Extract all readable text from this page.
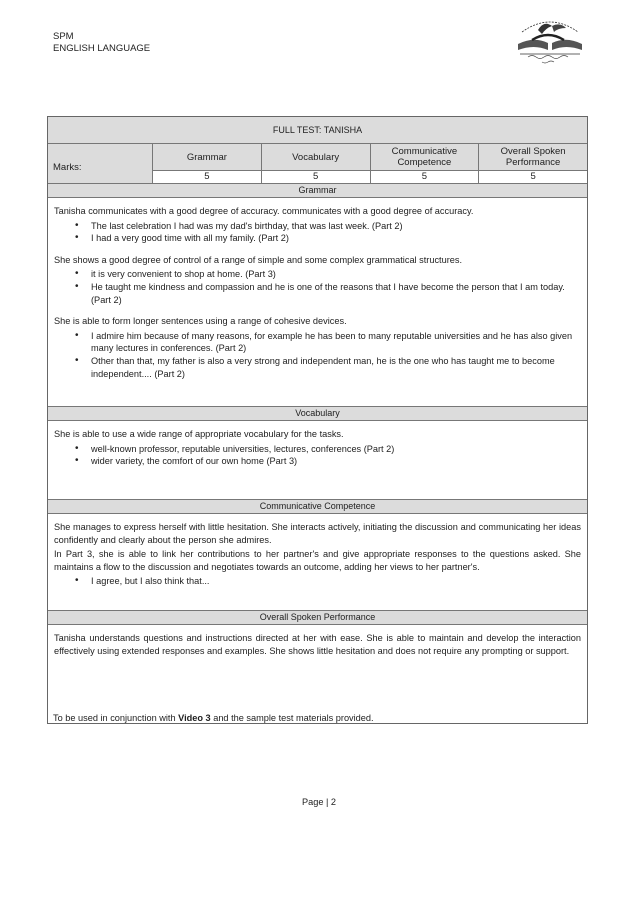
SPM
ENGLISH LANGUAGE
FULL TEST: TANISHA
Marks:
Grammar
5
Vocabulary
5
Communicative Competence
5
Overall Spoken Performance
5
Grammar

Tanisha communicates with a good degree of accuracy. communicates with a good degree of accuracy.

• The last celebration I had was my dad's birthday, that was last week. (Part 2)
• I had a very good time with all my family. (Part 2)

She shows a good degree of control of a range of simple and some complex grammatical structures.

• it is very convenient to shop at home. (Part 3)
• He taught me kindness and compassion and he is one of the reasons that I have become the person that I am today. (Part 2)

She is able to form longer sentences using a range of cohesive devices.

• I admire him because of many reasons, for example he has been to many reputable universities and he has also given many lectures in conferences. (Part 2)
• Other than that, my father is also a very strong and independent man, he is the one who has taught me to become independent.... (Part 2)
Vocabulary

She is able to use a wide range of appropriate vocabulary for the tasks.

• well-known professor, reputable universities, lectures, conferences (Part 2)
• wider variety, the comfort of our own home (Part 3)
Communicative Competence

She manages to express herself with little hesitation. She interacts actively, initiating the discussion and communicating her ideas confidently and clearly about the person she admires.

In Part 3, she is able to link her contributions to her partner's and give appropriate responses to the questions asked. She maintains a flow to the discussion and negotiates towards an outcome, adding her views to her partner's.

• I agree, but I also think that...
Overall Spoken Performance

Tanisha understands questions and instructions directed at her with ease. She is able to maintain and develop the interaction effectively using extended responses and examples. She shows little hesitation and does not require any prompting or support.

To be used in conjunction with Video 3 and the sample test materials provided.
Page | 2
